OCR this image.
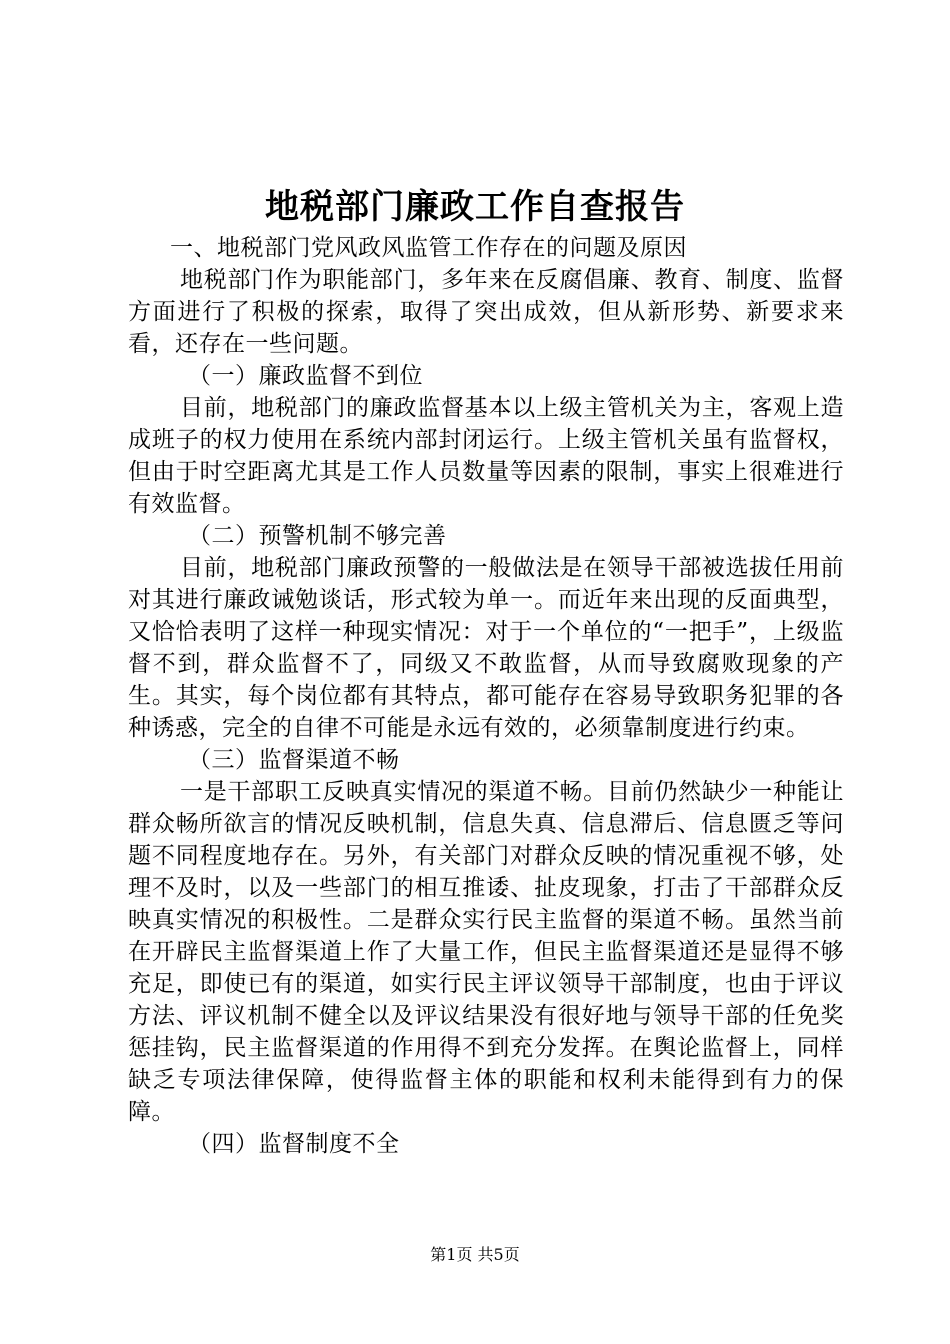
地税部门廉政工作自查报告

一、地税部门党风政风监管工作存在的问题及原因

地税部门作为职能部门，多年来在反腐倡廉、教育、制度、监督方面进行了积极的探索，取得了突出成效，但从新形势、新要求来看，还存在一些问题。

（一）廉政监督不到位

目前，地税部门的廉政监督基本以上级主管机关为主，客观上造成班子的权力使用在系统内部封闭运行。上级主管机关虽有监督权，但由于时空距离尤其是工作人员数量等因素的限制，事实上很难进行有效监督。

（二）预警机制不够完善

目前，地税部门廉政预警的一般做法是在领导干部被选拔任用前对其进行廉政诫勉谈话，形式较为单一。而近年来出现的反面典型，又恰恰表明了这样一种现实情况：对于一个单位的“一把手”，上级监督不到，群众监督不了，同级又不敢监督，从而导致腐败现象的产生。其实，每个岗位都有其特点，都可能存在容易导致职务犯罪的各种诱惑，完全的自律不可能是永远有效的，必须靠制度进行约束。

（三）监督渠道不畅

一是干部职工反映真实情况的渠道不畅。目前仍然缺少一种能让群众畅所欲言的情况反映机制，信息失真、信息滞后、信息匮乏等问题不同程度地存在。另外，有关部门对群众反映的情况重视不够，处理不及时，以及一些部门的相互推诿、扯皮现象，打击了干部群众反映真实情况的积极性。二是群众实行民主监督的渠道不畅。虽然当前在开辟民主监督渠道上作了大量工作，但民主监督渠道还是显得不够充足，即使已有的渠道，如实行民主评议领导干部制度，也由于评议方法、评议机制不健全以及评议结果没有很好地与领导干部的任免奖惩挂钩，民主监督渠道的作用得不到充分发挥。在舆论监督上，同样缺乏专项法律保障，使得监督主体的职能和权利未能得到有力的保障。

（四）监督制度不全

第1页 共5页
